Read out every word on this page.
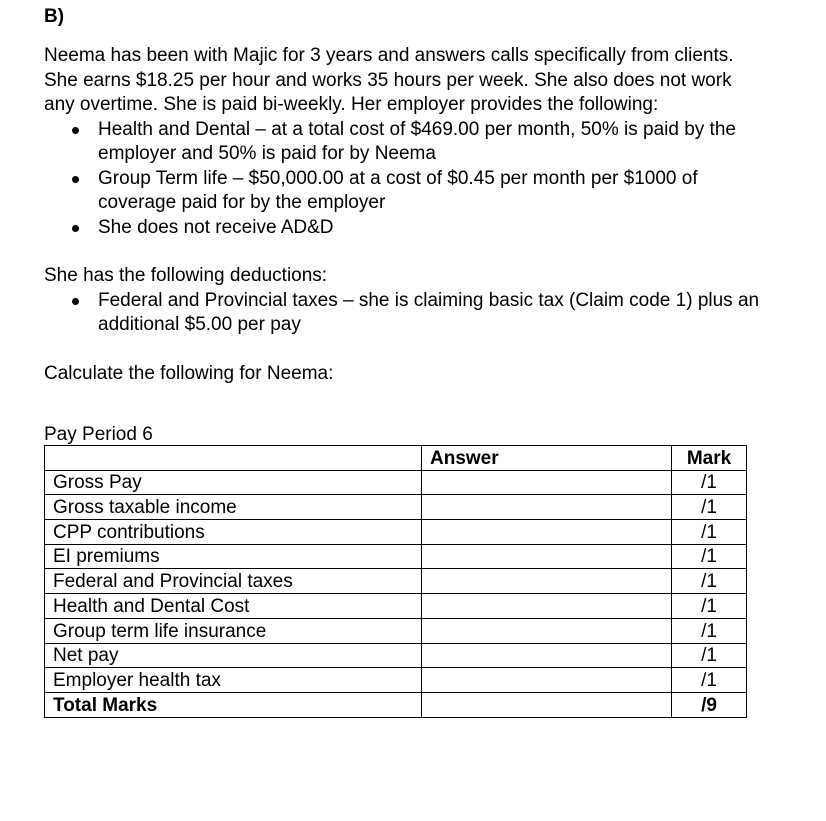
B)

Neema has been with Majic for 3 years and answers calls specifically from clients.

She earns $18.25 per hour and works 35 hours per week. She also does not work any overtime. She is paid bi-weekly. Her employer provides the following:

Health and Dental – at a total cost of $469.00 per month, 50% is paid by the employer and 50% is paid for by Neema
Group Term life – $50,000.00 at a cost of $0.45 per month per $1000 of coverage paid for by the employer
She does not receive AD&D

She has the following deductions:

Federal and Provincial taxes – she is claiming basic tax (Claim code 1) plus an additional $5.00 per pay

Calculate the following for Neema:

Pay Period 6

	Answer	Mark
Gross Pay		/1
Gross taxable income		/1
CPP contributions		/1
EI premiums		/1
Federal and Provincial taxes		/1
Health and Dental Cost		/1
Group term life insurance		/1
Net pay		/1
Employer health tax		/1
Total Marks		/9
